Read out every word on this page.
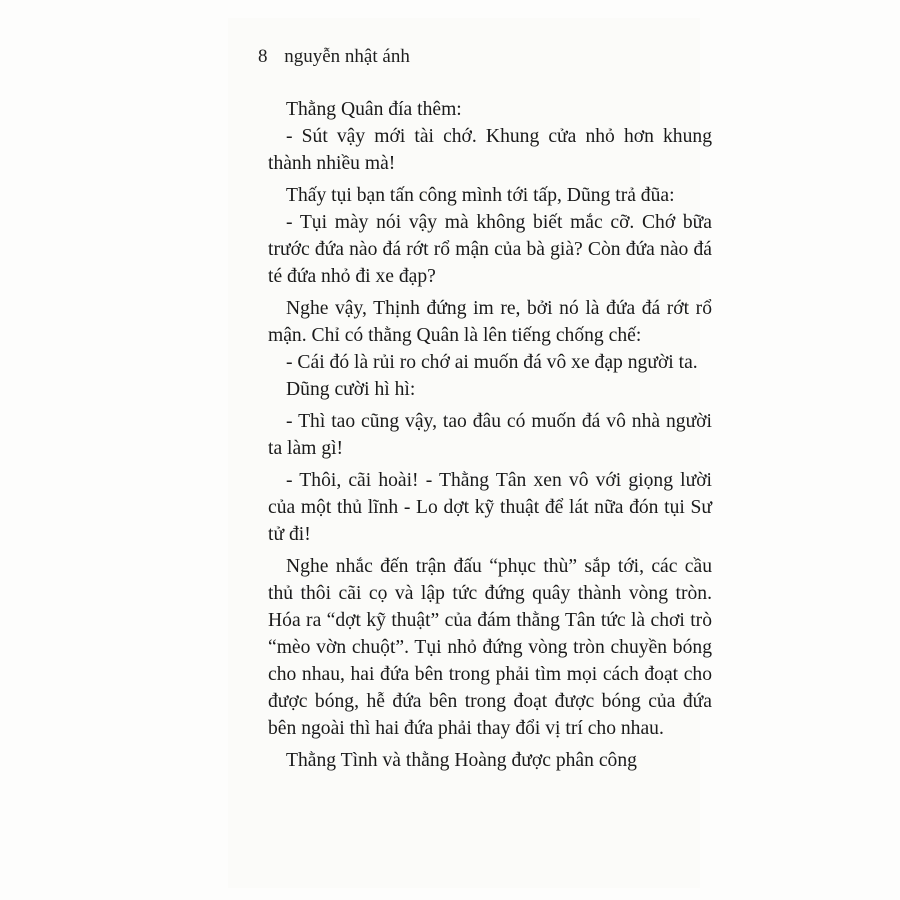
8 nguyễn nhật ánh

Thằng Quân đía thêm:

- Sút vậy mới tài chớ. Khung cửa nhỏ hơn khung thành nhiều mà!

Thấy tụi bạn tấn công mình tới tấp, Dũng trả đũa:

- Tụi mày nói vậy mà không biết mắc cỡ. Chớ bữa trước đứa nào đá rớt rổ mận của bà già? Còn đứa nào đá té đứa nhỏ đi xe đạp?

Nghe vậy, Thịnh đứng im re, bởi nó là đứa đá rớt rổ mận. Chỉ có thằng Quân là lên tiếng chống chế:

- Cái đó là rủi ro chớ ai muốn đá vô xe đạp người ta.

Dũng cười hì hì:

- Thì tao cũng vậy, tao đâu có muốn đá vô nhà người ta làm gì!

- Thôi, cãi hoài! - Thằng Tân xen vô với giọng lười của một thủ lĩnh - Lo dợt kỹ thuật để lát nữa đón tụi Sư tử đi!

Nghe nhắc đến trận đấu “phục thù” sắp tới, các cầu thủ thôi cãi cọ và lập tức đứng quây thành vòng tròn. Hóa ra “dợt kỹ thuật” của đám thằng Tân tức là chơi trò “mèo vờn chuột”. Tụi nhỏ đứng vòng tròn chuyền bóng cho nhau, hai đứa bên trong phải tìm mọi cách đoạt cho được bóng, hễ đứa bên trong đoạt được bóng của đứa bên ngoài thì hai đứa phải thay đổi vị trí cho nhau.

Thằng Tình và thằng Hoàng được phân công
